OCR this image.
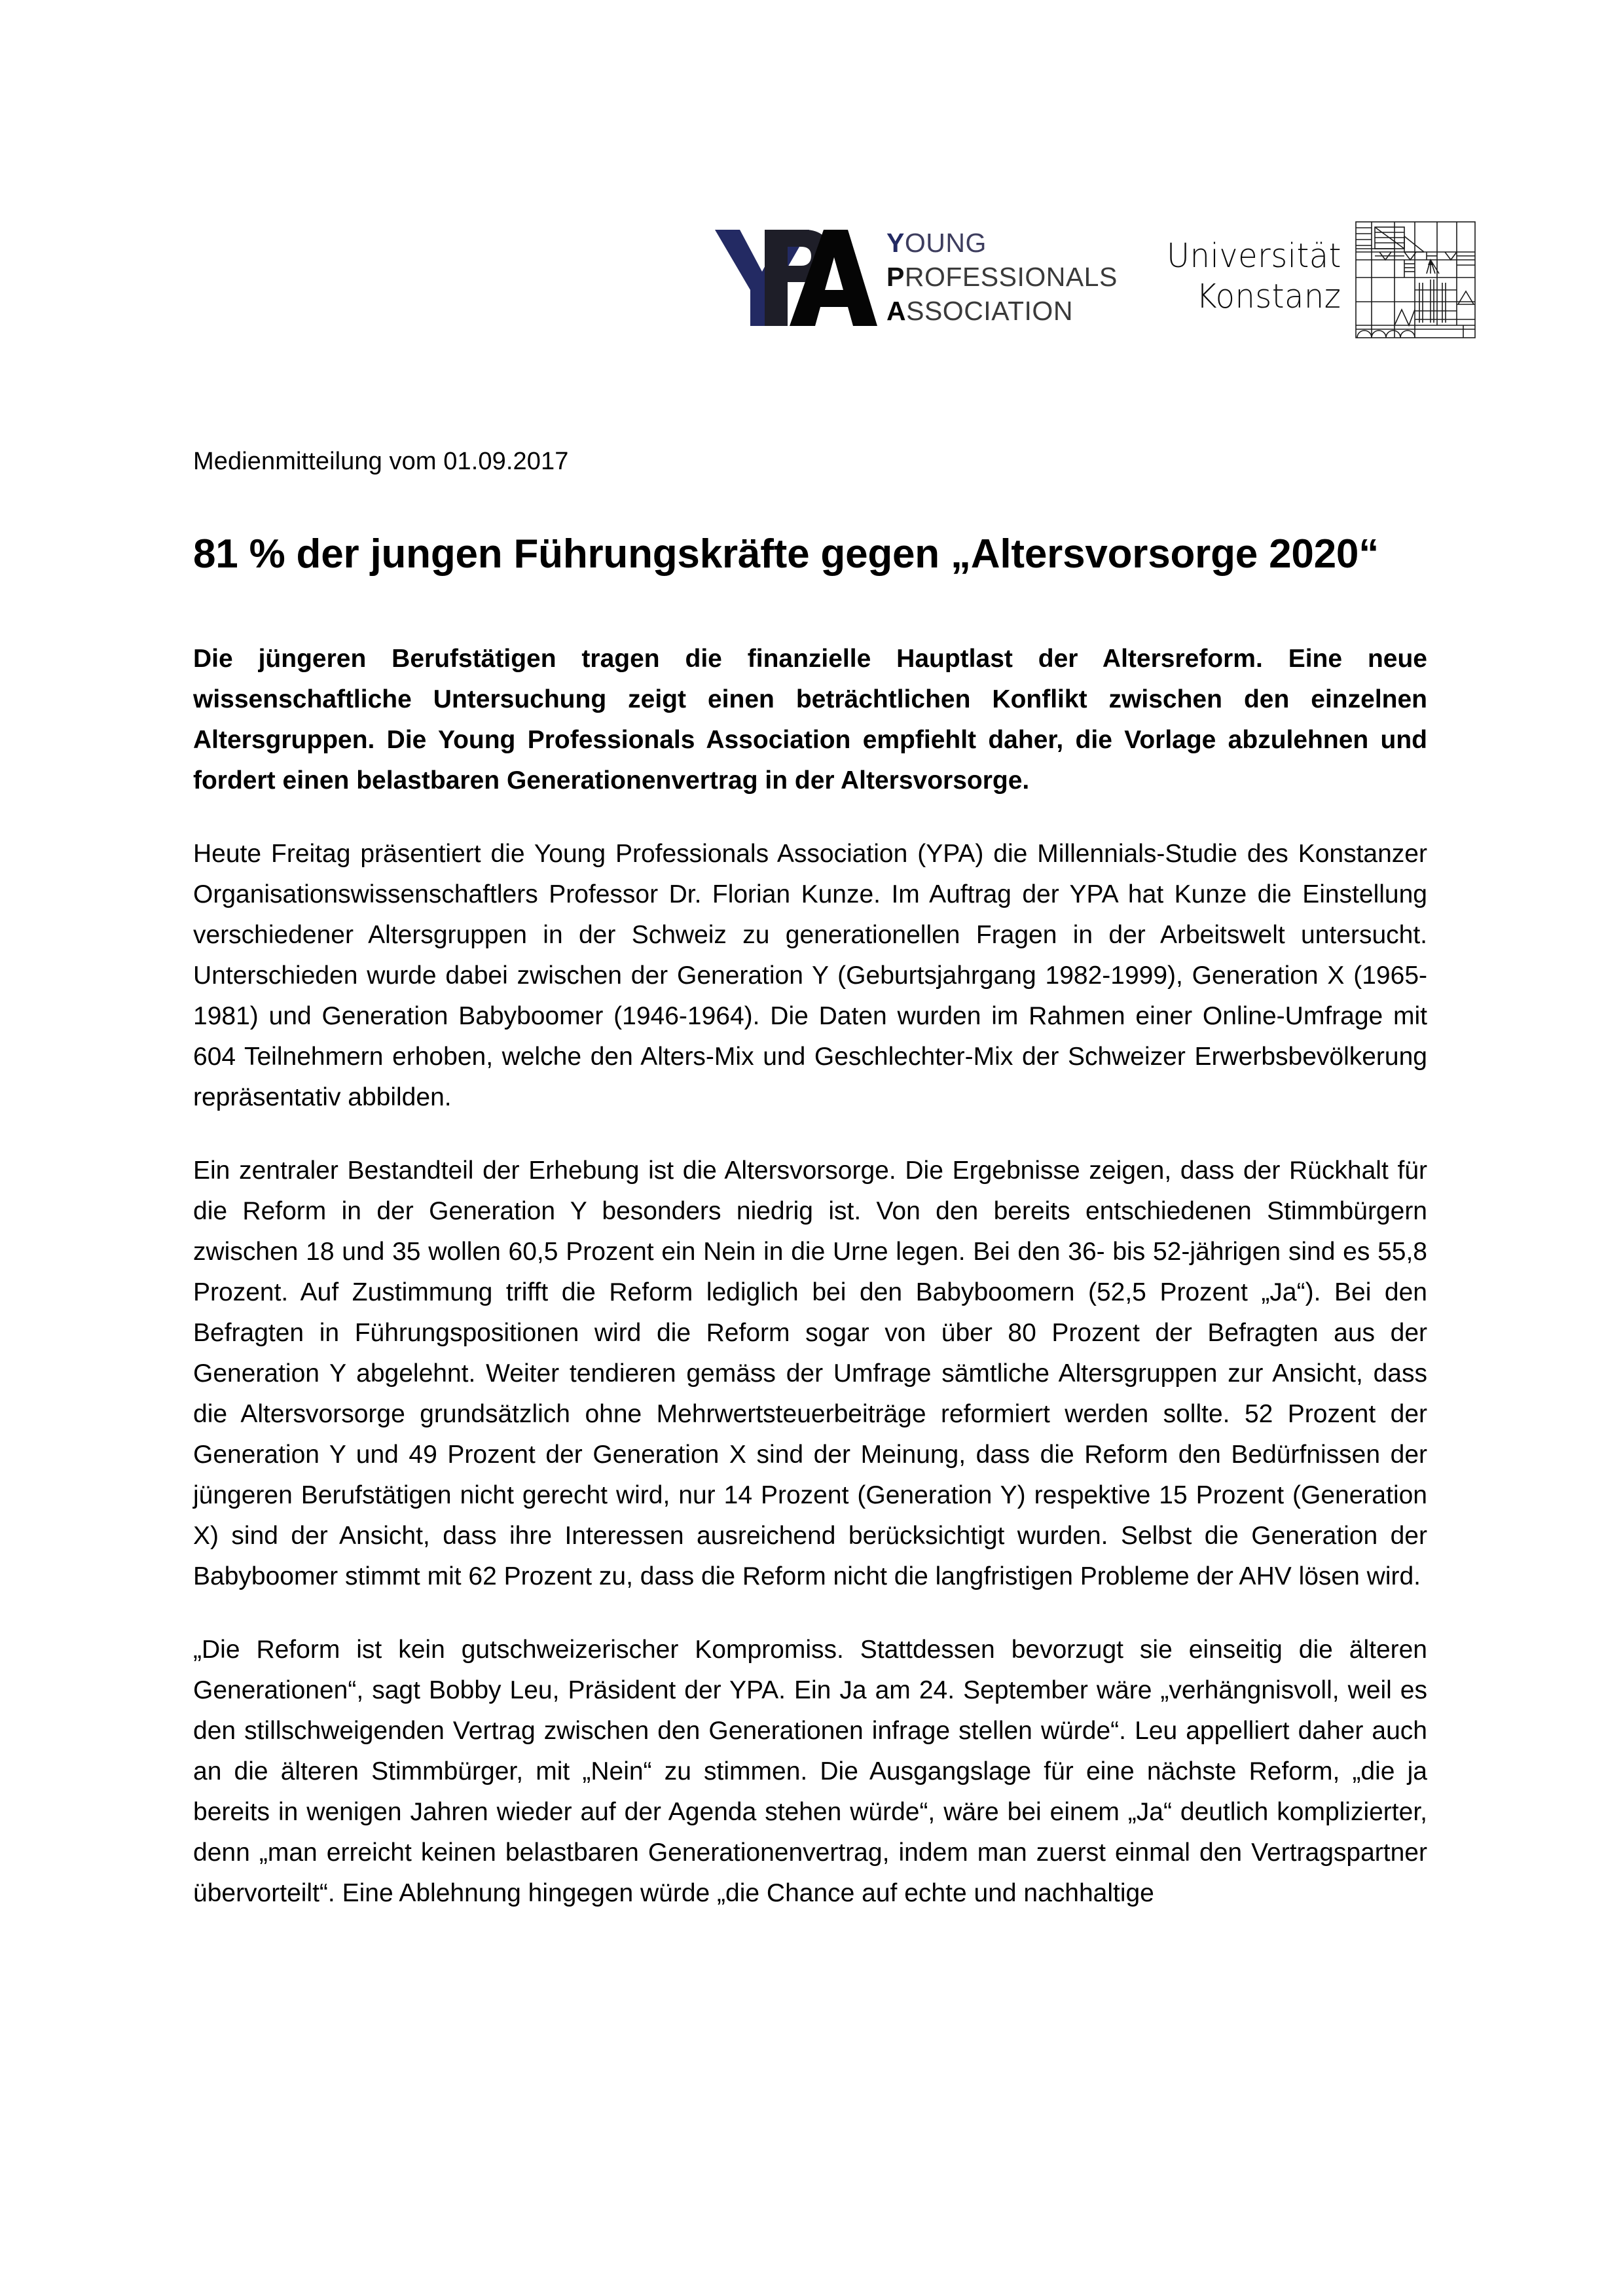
YOUNG
PROFESSIONALS
ASSOCIATION
Universität
Konstanz
Medienmitteilung vom 01.09.2017
81 % der jungen Führungskräfte gegen „Altersvorsorge 2020“

Die jüngeren Berufstätigen tragen die finanzielle Hauptlast der Altersreform. Eine neue wissenschaftliche Untersuchung zeigt einen beträchtlichen Konflikt zwischen den einzelnen Altersgruppen. Die Young Professionals Association empfiehlt daher, die Vorlage abzulehnen und fordert einen belastbaren Generationenvertrag in der Altersvorsorge.

Heute Freitag präsentiert die Young Professionals Association (YPA) die Millennials-Studie des Konstanzer Organisationswissenschaftlers Professor Dr. Florian Kunze. Im Auftrag der YPA hat Kunze die Einstellung verschiedener Altersgruppen in der Schweiz zu generationellen Fragen in der Arbeitswelt untersucht. Unterschieden wurde dabei zwischen der Generation Y (Geburtsjahrgang 1982-1999), Generation X (1965-1981) und Generation Babyboomer (1946-1964). Die Daten wurden im Rahmen einer Online-Umfrage mit 604 Teilnehmern erhoben, welche den Alters-Mix und Geschlechter-Mix der Schweizer Erwerbsbevölkerung repräsentativ abbilden.

Ein zentraler Bestandteil der Erhebung ist die Altersvorsorge. Die Ergebnisse zeigen, dass der Rückhalt für die Reform in der Generation Y besonders niedrig ist. Von den bereits entschiedenen Stimmbürgern zwischen 18 und 35 wollen 60,5 Prozent ein Nein in die Urne legen. Bei den 36- bis 52-jährigen sind es 55,8 Prozent. Auf Zustimmung trifft die Reform lediglich bei den Babyboomern (52,5 Prozent „Ja“). Bei den Befragten in Führungspositionen wird die Reform sogar von über 80 Prozent der Befragten aus der Generation Y abgelehnt. Weiter tendieren gemäss der Umfrage sämtliche Altersgruppen zur Ansicht, dass die Altersvorsorge grundsätzlich ohne Mehrwertsteuerbeiträge reformiert werden sollte. 52 Prozent der Generation Y und 49 Prozent der Generation X sind der Meinung, dass die Reform den Bedürfnissen der jüngeren Berufstätigen nicht gerecht wird, nur 14 Prozent (Generation Y) respektive 15 Prozent (Generation X) sind der Ansicht, dass ihre Interessen ausreichend berücksichtigt wurden. Selbst die Generation der Babyboomer stimmt mit 62 Prozent zu, dass die Reform nicht die langfristigen Probleme der AHV lösen wird.

„Die Reform ist kein gutschweizerischer Kompromiss. Stattdessen bevorzugt sie einseitig die älteren Generationen“, sagt Bobby Leu, Präsident der YPA. Ein Ja am 24. September wäre „verhängnisvoll, weil es den stillschweigenden Vertrag zwischen den Generationen infrage stellen würde“. Leu appelliert daher auch an die älteren Stimmbürger, mit „Nein“ zu stimmen. Die Ausgangslage für eine nächste Reform, „die ja bereits in wenigen Jahren wieder auf der Agenda stehen würde“, wäre bei einem „Ja“ deutlich komplizierter, denn „man erreicht keinen belastbaren Generationenvertrag, indem man zuerst einmal den Vertragspartner übervorteilt“. Eine Ablehnung hingegen würde „die Chance auf echte und nachhaltige
